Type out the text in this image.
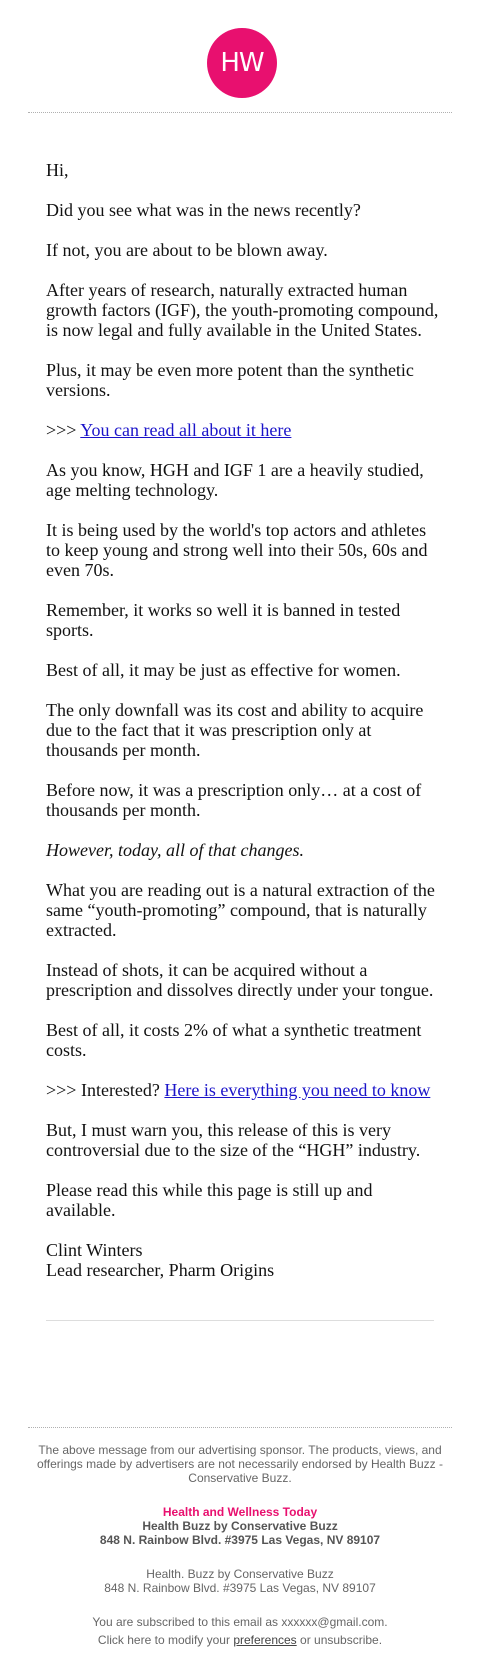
HW

Hi,

Did you see what was in the news recently?

If not, you are about to be blown away.

After years of research, naturally extracted human growth factors (IGF), the youth-promoting compound, is now legal and fully available in the United States.

Plus, it may be even more potent than the synthetic versions.

>>> You can read all about it here

As you know, HGH and IGF 1 are a heavily studied, age melting technology.

It is being used by the world's top actors and athletes to keep young and strong well into their 50s, 60s and even 70s.

Remember, it works so well it is banned in tested sports.

Best of all, it may be just as effective for women.

The only downfall was its cost and ability to acquire due to the fact that it was prescription only at thousands per month.

Before now, it was a prescription only… at a cost of thousands per month.

However, today, all of that changes.

What you are reading out is a natural extraction of the same “youth-promoting” compound, that is naturally extracted.

Instead of shots, it can be acquired without a prescription and dissolves directly under your tongue.

Best of all, it costs 2% of what a synthetic treatment costs.

>>> Interested? Here is everything you need to know

But, I must warn you, this release of this is very controversial due to the size of the “HGH” industry.

Please read this while this page is still up and available.

Clint Winters
Lead researcher, Pharm Origins

The above message from our advertising sponsor. The products, views, and offerings made by advertisers are not necessarily endorsed by Health Buzz - Conservative Buzz.

Health and Wellness Today

Health Buzz by Conservative Buzz

848 N. Rainbow Blvd. #3975 Las Vegas, NV 89107

Health. Buzz by Conservative Buzz

848 N. Rainbow Blvd. #3975 Las Vegas, NV 89107

You are subscribed to this email as xxxxxx@gmail.com.

Click here to modify your preferences or unsubscribe.
